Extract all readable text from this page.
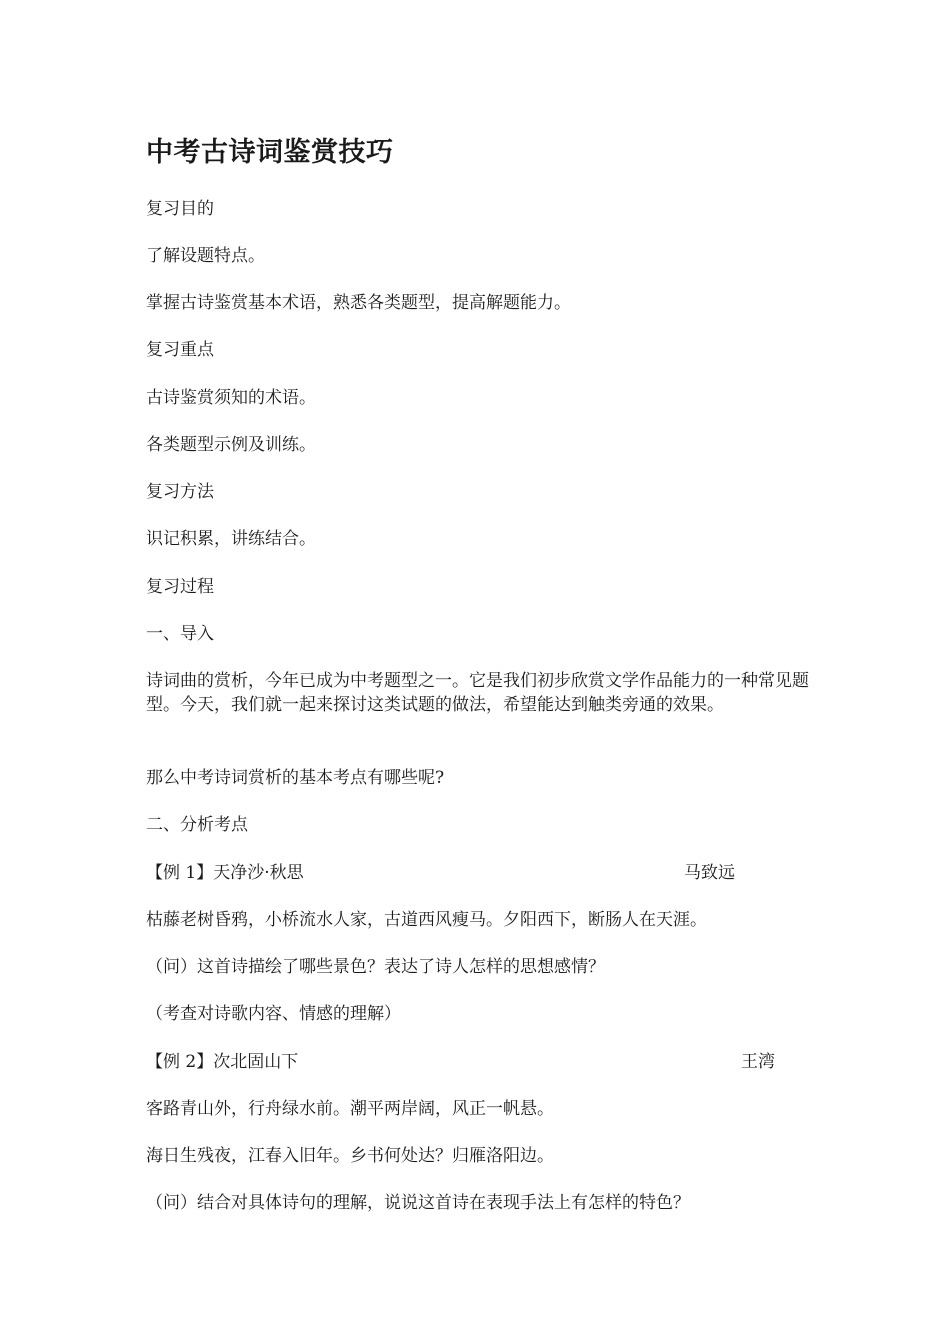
中考古诗词鉴赏技巧
复习目的
了解设题特点。
掌握古诗鉴赏基本术语，熟悉各类题型，提高解题能力。
复习重点
古诗鉴赏须知的术语。
各类题型示例及训练。
复习方法
识记积累，讲练结合。
复习过程
一、导入
诗词曲的赏析，今年已成为中考题型之一。它是我们初步欣赏文学作品能力的一种常见题型。今天，我们就一起来探讨这类试题的做法，希望能达到触类旁通的效果。
那么中考诗词赏析的基本考点有哪些呢?
二、分析考点
【例 1】天净沙·秋思	马致远
枯藤老树昏鸦，小桥流水人家，古道西风瘦马。夕阳西下，断肠人在天涯。
（问）这首诗描绘了哪些景色？表达了诗人怎样的思想感情？
（考查对诗歌内容、情感的理解）
【例 2】次北固山下	王湾
客路青山外，行舟绿水前。潮平两岸阔，风正一帆悬。
海日生残夜，江春入旧年。乡书何处达？归雁洛阳边。
（问）结合对具体诗句的理解，说说这首诗在表现手法上有怎样的特色？
